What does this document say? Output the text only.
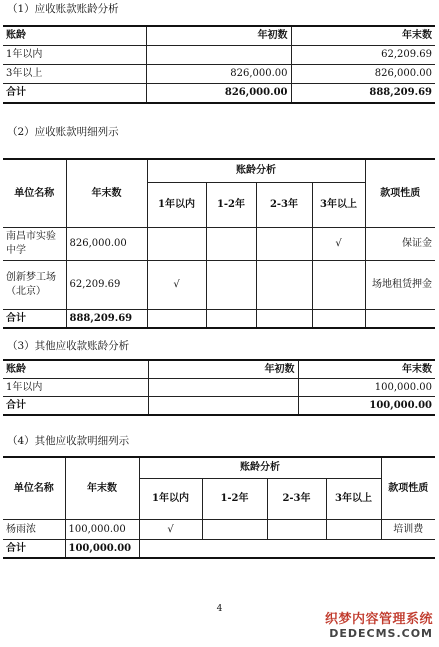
（1）应收账款账龄分析
账龄	年初数	年末数
1年以内		62,209.69
3年以上	826,000.00	826,000.00
合计	826,000.00	888,209.69
（2）应收账款明细列示
单位名称	年末数	账龄分析				款项性质
		1年以内	1-2年	2-3年	3年以上	
南昌市实验中学	826,000.00				√	保证金
创新梦工场（北京）	62,209.69	√				场地租赁押金
合计	888,209.69					
（3）其他应收款账龄分析
账龄	年初数	年末数
1年以内		100,000.00
合计		100,000.00
（4）其他应收款明细列示
单位名称	年末数	账龄分析				款项性质
		1年以内	1-2年	2-3年	3年以上	
杨雨浓	100,000.00	√				培训费
合计	100,000.00					
4
织梦内容管理系统
DEDECMS.COM
